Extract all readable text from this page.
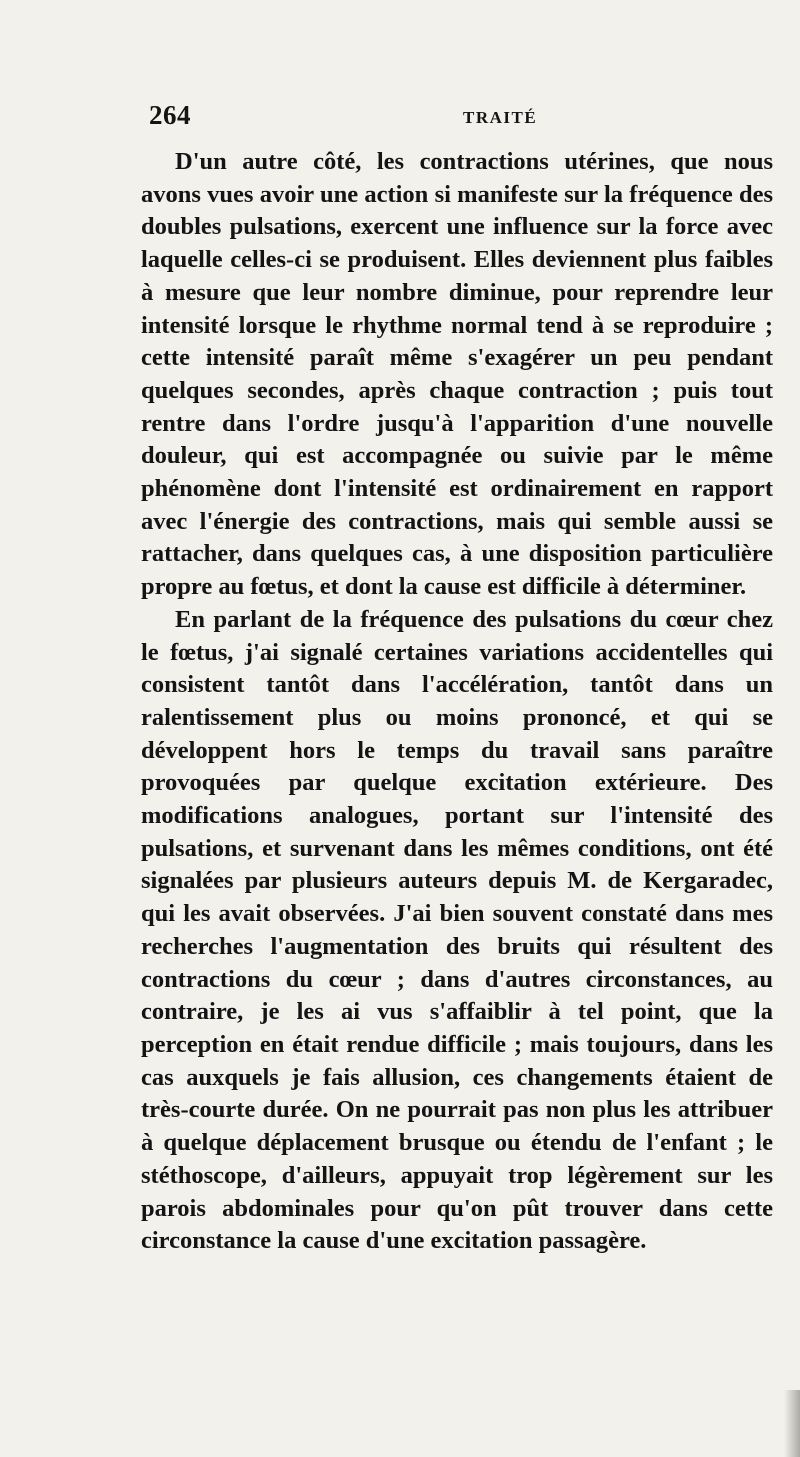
264	TRAITÉ

D'un autre côté, les contractions utérines, que nous avons vues avoir une action si manifeste sur la fréquence des doubles pulsations, exercent une influence sur la force avec laquelle celles-ci se produisent. Elles deviennent plus faibles à mesure que leur nombre diminue, pour reprendre leur intensité lorsque le rhythme normal tend à se reproduire ; cette intensité paraît même s'exagérer un peu pendant quelques secondes, après chaque contraction ; puis tout rentre dans l'ordre jusqu'à l'apparition d'une nouvelle douleur, qui est accompagnée ou suivie par le même phénomène dont l'intensité est ordinairement en rapport avec l'énergie des contractions, mais qui semble aussi se rattacher, dans quelques cas, à une disposition particulière propre au fœtus, et dont la cause est difficile à déterminer.

En parlant de la fréquence des pulsations du cœur chez le fœtus, j'ai signalé certaines variations accidentelles qui consistent tantôt dans l'accélération, tantôt dans un ralentissement plus ou moins prononcé, et qui se développent hors le temps du travail sans paraître provoquées par quelque excitation extérieure. Des modifications analogues, portant sur l'intensité des pulsations, et survenant dans les mêmes conditions, ont été signalées par plusieurs auteurs depuis M. de Kergaradec, qui les avait observées. J'ai bien souvent constaté dans mes recherches l'augmentation des bruits qui résultent des contractions du cœur ; dans d'autres circonstances, au contraire, je les ai vus s'affaiblir à tel point, que la perception en était rendue difficile ; mais toujours, dans les cas auxquels je fais allusion, ces changements étaient de très-courte durée. On ne pourrait pas non plus les attribuer à quelque déplacement brusque ou étendu de l'enfant ; le stéthoscope, d'ailleurs, appuyait trop légèrement sur les parois abdominales pour qu'on pût trouver dans cette circonstance la cause d'une excitation passagère.
